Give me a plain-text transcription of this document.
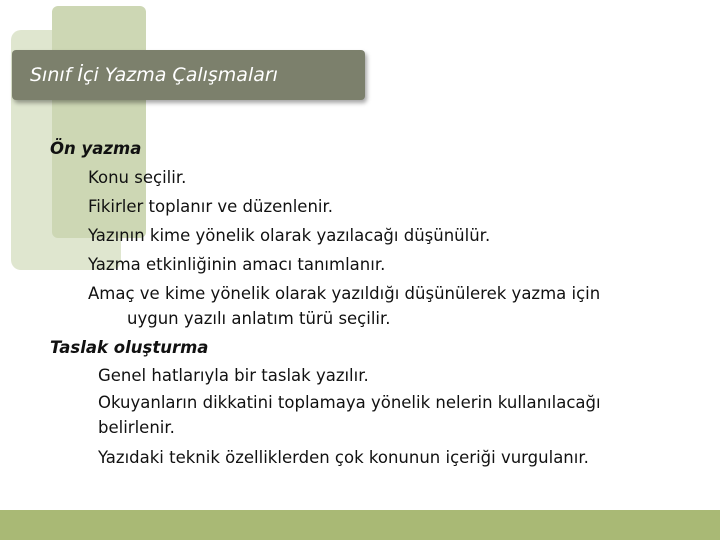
Sınıf İçi Yazma Çalışmaları
Ön yazma
Konu seçilir.
Fikirler toplanır ve düzenlenir.
Yazının kime yönelik olarak yazılacağı düşünülür.
Yazma etkinliğinin amacı tanımlanır.
Amaç ve kime yönelik olarak yazıldığı düşünülerek yazma için
uygun yazılı anlatım türü seçilir.
Taslak oluşturma
Genel hatlarıyla bir taslak yazılır.
Okuyanların dikkatini toplamaya yönelik nelerin kullanılacağı
belirlenir.
Yazıdaki teknik özelliklerden çok konunun içeriği vurgulanır.
